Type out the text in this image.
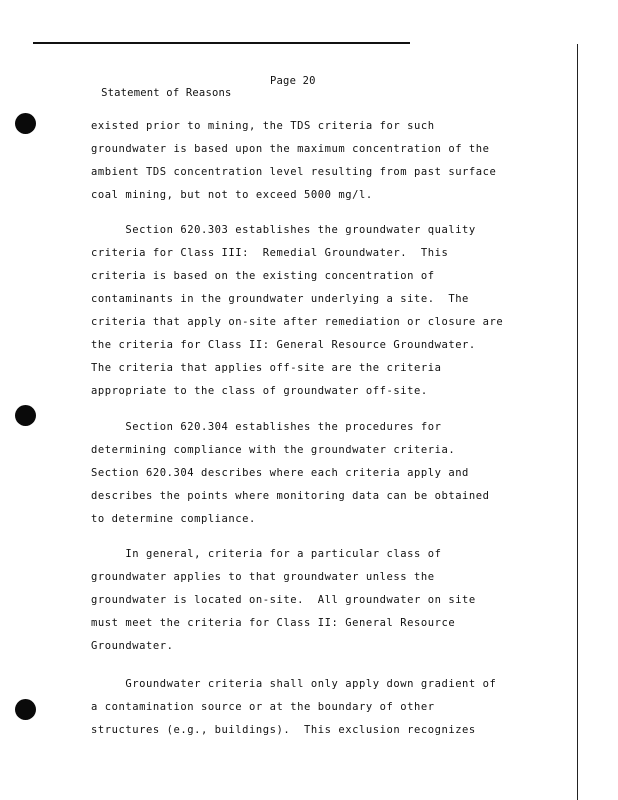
Statement of Reasons

Page 20

existed prior to mining, the TDS criteria for such
groundwater is based upon the maximum concentration of the
ambient TDS concentration level resulting from past surface
coal mining, but not to exceed 5000 mg/l.
Section 620.303 establishes the groundwater quality
criteria for Class III:  Remedial Groundwater.  This
criteria is based on the existing concentration of
contaminants in the groundwater underlying a site.  The
criteria that apply on-site after remediation or closure are
the criteria for Class II: General Resource Groundwater.
The criteria that applies off-site are the criteria
appropriate to the class of groundwater off-site.
Section 620.304 establishes the procedures for
determining compliance with the groundwater criteria.
Section 620.304 describes where each criteria apply and
describes the points where monitoring data can be obtained
to determine compliance.
In general, criteria for a particular class of
groundwater applies to that groundwater unless the
groundwater is located on-site.  All groundwater on site
must meet the criteria for Class II: General Resource
Groundwater.
Groundwater criteria shall only apply down gradient of
a contamination source or at the boundary of other
structures (e.g., buildings).  This exclusion recognizes
